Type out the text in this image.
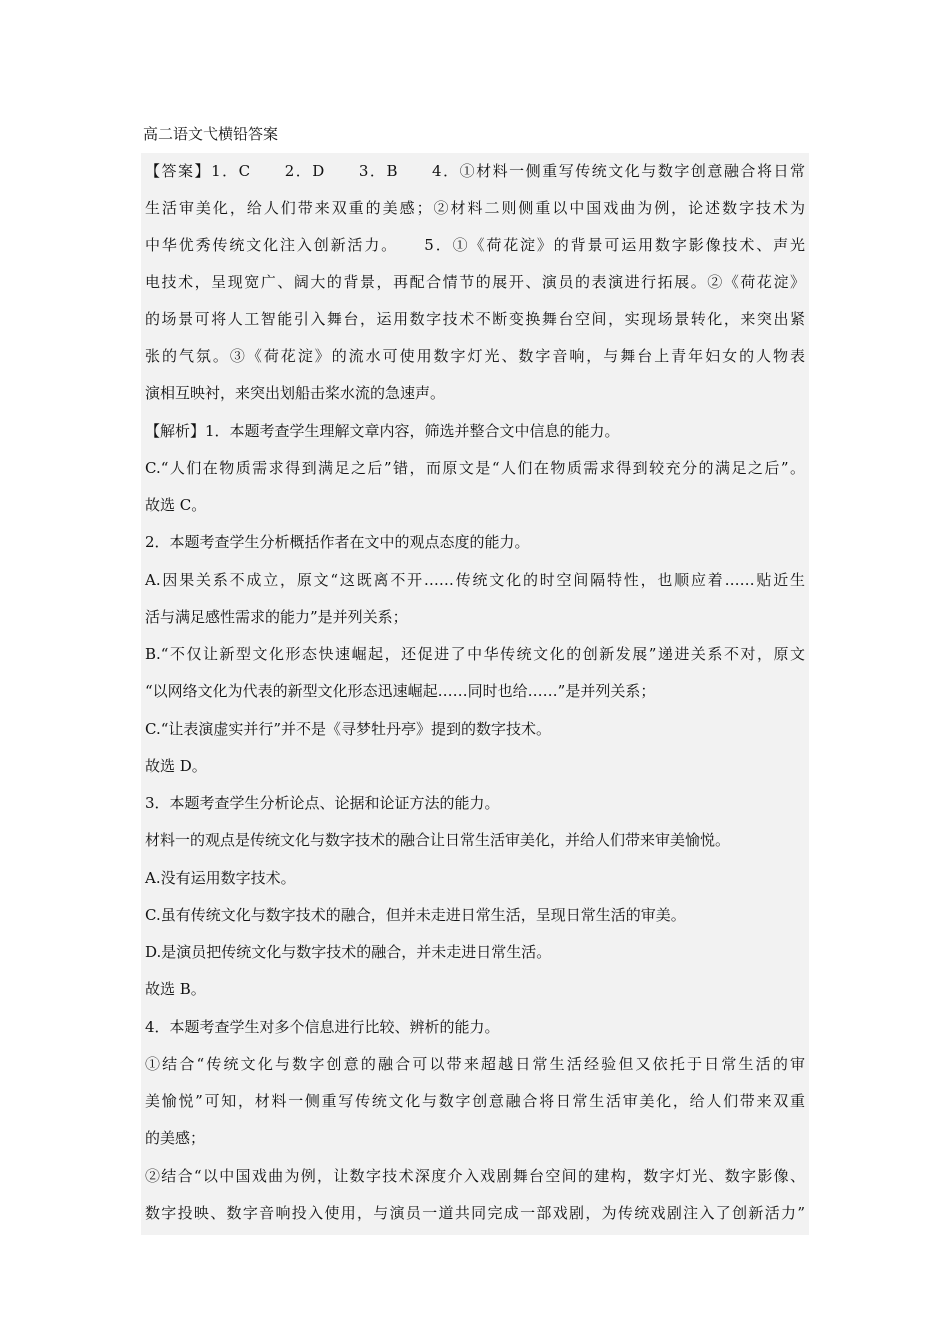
高二语文弋横铅答案
【答案】1．C　　2．D　　3．B　　4．①材料一侧重写传统文化与数字创意融合将日常
生活审美化，给人们带来双重的美感；②材料二则侧重以中国戏曲为例，论述数字技术为
中华优秀传统文化注入创新活力。　　5．①《荷花淀》的背景可运用数字影像技术、声光
电技术，呈现宽广、阔大的背景，再配合情节的展开、演员的表演进行拓展。②《荷花淀》
的场景可将人工智能引入舞台，运用数字技术不断变换舞台空间，实现场景转化，来突出紧
张的气氛。③《荷花淀》的流水可使用数字灯光、数字音响，与舞台上青年妇女的人物表
演相互映衬，来突出划船击桨水流的急速声。
【解析】1．本题考查学生理解文章内容，筛选并整合文中信息的能力。
C.“人们在物质需求得到满足之后”错，而原文是“人们在物质需求得到较充分的满足之后”。
故选 C。
2．本题考查学生分析概括作者在文中的观点态度的能力。
A.因果关系不成立，原文“这既离不开……传统文化的时空间隔特性，也顺应着……贴近生
活与满足感性需求的能力”是并列关系；
B.“不仅让新型文化形态快速崛起，还促进了中华传统文化的创新发展”递进关系不对，原文
“以网络文化为代表的新型文化形态迅速崛起……同时也给……”是并列关系；
C.“让表演虚实并行”并不是《寻梦牡丹亭》提到的数字技术。
故选 D。
3．本题考查学生分析论点、论据和论证方法的能力。
材料一的观点是传统文化与数字技术的融合让日常生活审美化，并给人们带来审美愉悦。
A.没有运用数字技术。
C.虽有传统文化与数字技术的融合，但并未走进日常生活，呈现日常生活的审美。
D.是演员把传统文化与数字技术的融合，并未走进日常生活。
故选 B。
4．本题考查学生对多个信息进行比较、辨析的能力。
①结合“传统文化与数字创意的融合可以带来超越日常生活经验但又依托于日常生活的审
美愉悦”可知，材料一侧重写传统文化与数字创意融合将日常生活审美化，给人们带来双重
的美感；
②结合“以中国戏曲为例，让数字技术深度介入戏剧舞台空间的建构，数字灯光、数字影像、
数字投映、数字音响投入使用，与演员一道共同完成一部戏剧，为传统戏剧注入了创新活力”
